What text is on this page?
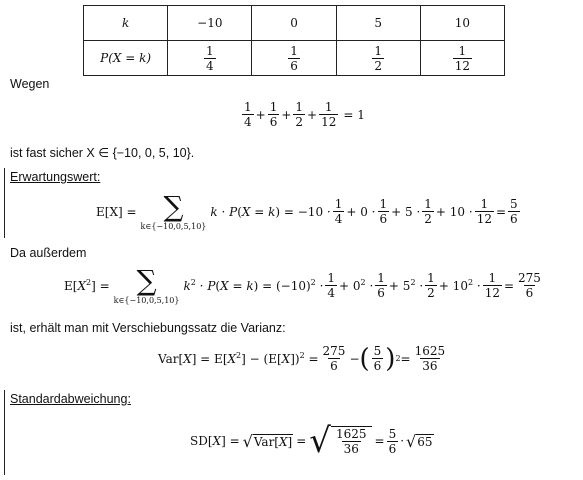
k	−10	0	5	10
P(X = k)	$\frac{1}{4}$	$\frac{1}{6}$	$\frac{1}{2}$	$\frac{1}{12}$
Wegen
$\frac{1}{4} + \frac{1}{6} + \frac{1}{2} + \frac{1}{12} = 1$
ist fast sicher X ∈ {−10, 0, 5, 10}.
Erwartungswert:
E[X] = ∑
k∈{−10,0,5,10}
$k \cdot P(X = k) = -10 \cdot \frac{1}{4} + 0 \cdot \frac{1}{6} + 5 \cdot \frac{1}{2} + 10 \cdot \frac{1}{12} = \frac{5}{6}$
Da außerdem
$E[X^2]$ = ∑
k∈{−10,0,5,10}
$k^2 \cdot P(X = k) = (-10)^2 \cdot \frac{1}{4} + 0^2 \cdot \frac{1}{6} + 5^2 \cdot \frac{1}{2} + 10^2 \cdot \frac{1}{12} = \frac{275}{6}$
ist, erhält man mit Verschiebungssatz die Varianz:
$Var[X] = E[X^2] - (E[X])^2 = \frac{275}{6}$ − ( $\frac{5}{6}$ ) $2 = \frac{1625}{36}$
Standardabweichung:
SD[X] = √ Var[X] = √ $\frac{1625}{36} = \frac{5}{6}$ · √ 65
